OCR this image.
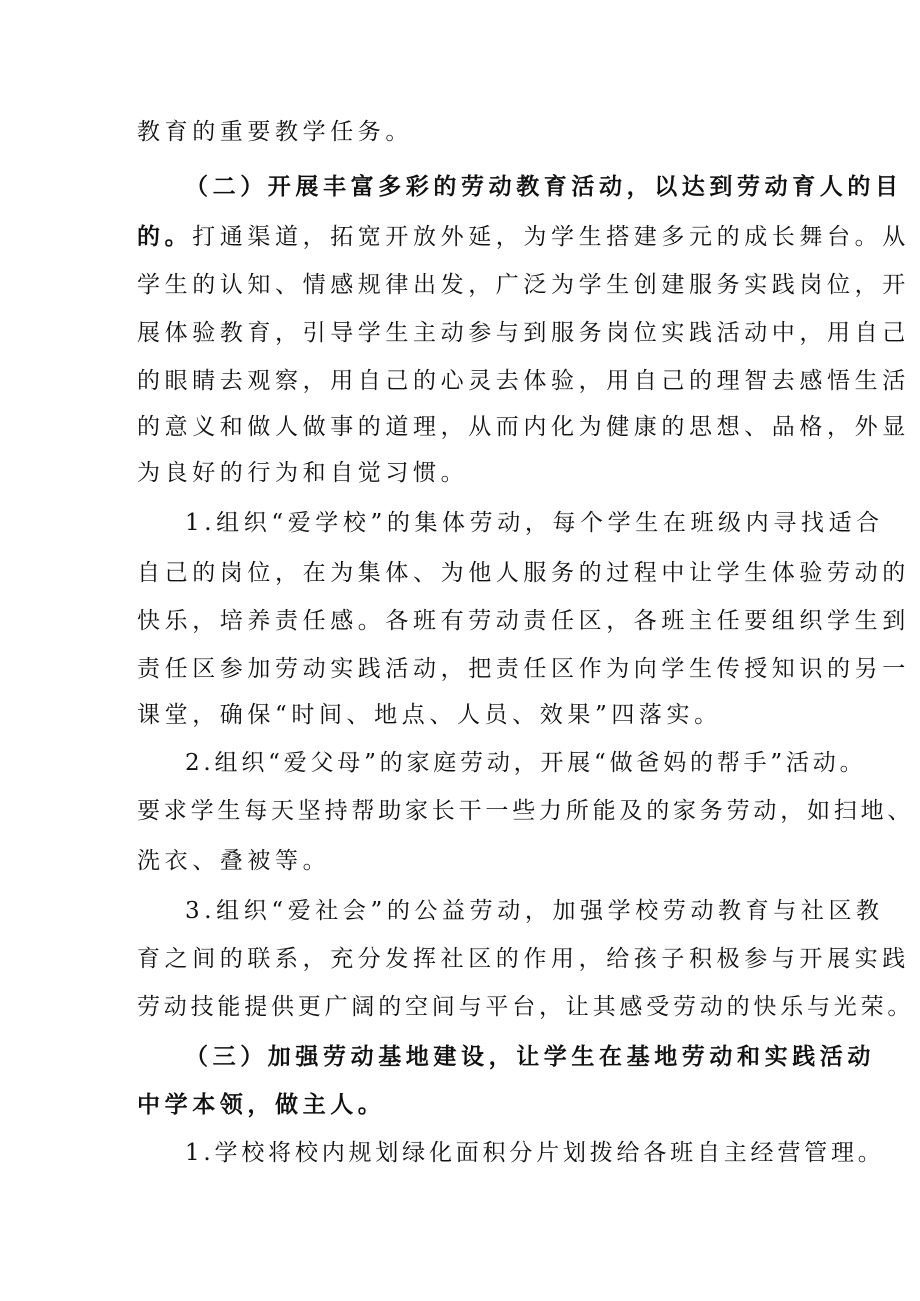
教育的重要教学任务。
（二）开展丰富多彩的劳动教育活动，以达到劳动育人的目
的。打通渠道，拓宽开放外延，为学生搭建多元的成长舞台。从
学生的认知、情感规律出发，广泛为学生创建服务实践岗位，开
展体验教育，引导学生主动参与到服务岗位实践活动中，用自己
的眼睛去观察，用自己的心灵去体验，用自己的理智去感悟生活
的意义和做人做事的道理，从而内化为健康的思想、品格，外显
为良好的行为和自觉习惯。
1.组织“爱学校”的集体劳动，每个学生在班级内寻找适合
自己的岗位，在为集体、为他人服务的过程中让学生体验劳动的
快乐，培养责任感。各班有劳动责任区，各班主任要组织学生到
责任区参加劳动实践活动，把责任区作为向学生传授知识的另一
课堂，确保“时间、地点、人员、效果”四落实。
2.组织“爱父母”的家庭劳动，开展“做爸妈的帮手”活动。
要求学生每天坚持帮助家长干一些力所能及的家务劳动，如扫地、
洗衣、叠被等。
3.组织“爱社会”的公益劳动，加强学校劳动教育与社区教
育之间的联系，充分发挥社区的作用，给孩子积极参与开展实践
劳动技能提供更广阔的空间与平台，让其感受劳动的快乐与光荣。
（三）加强劳动基地建设，让学生在基地劳动和实践活动
中学本领，做主人。
1.学校将校内规划绿化面积分片划拨给各班自主经营管理。
